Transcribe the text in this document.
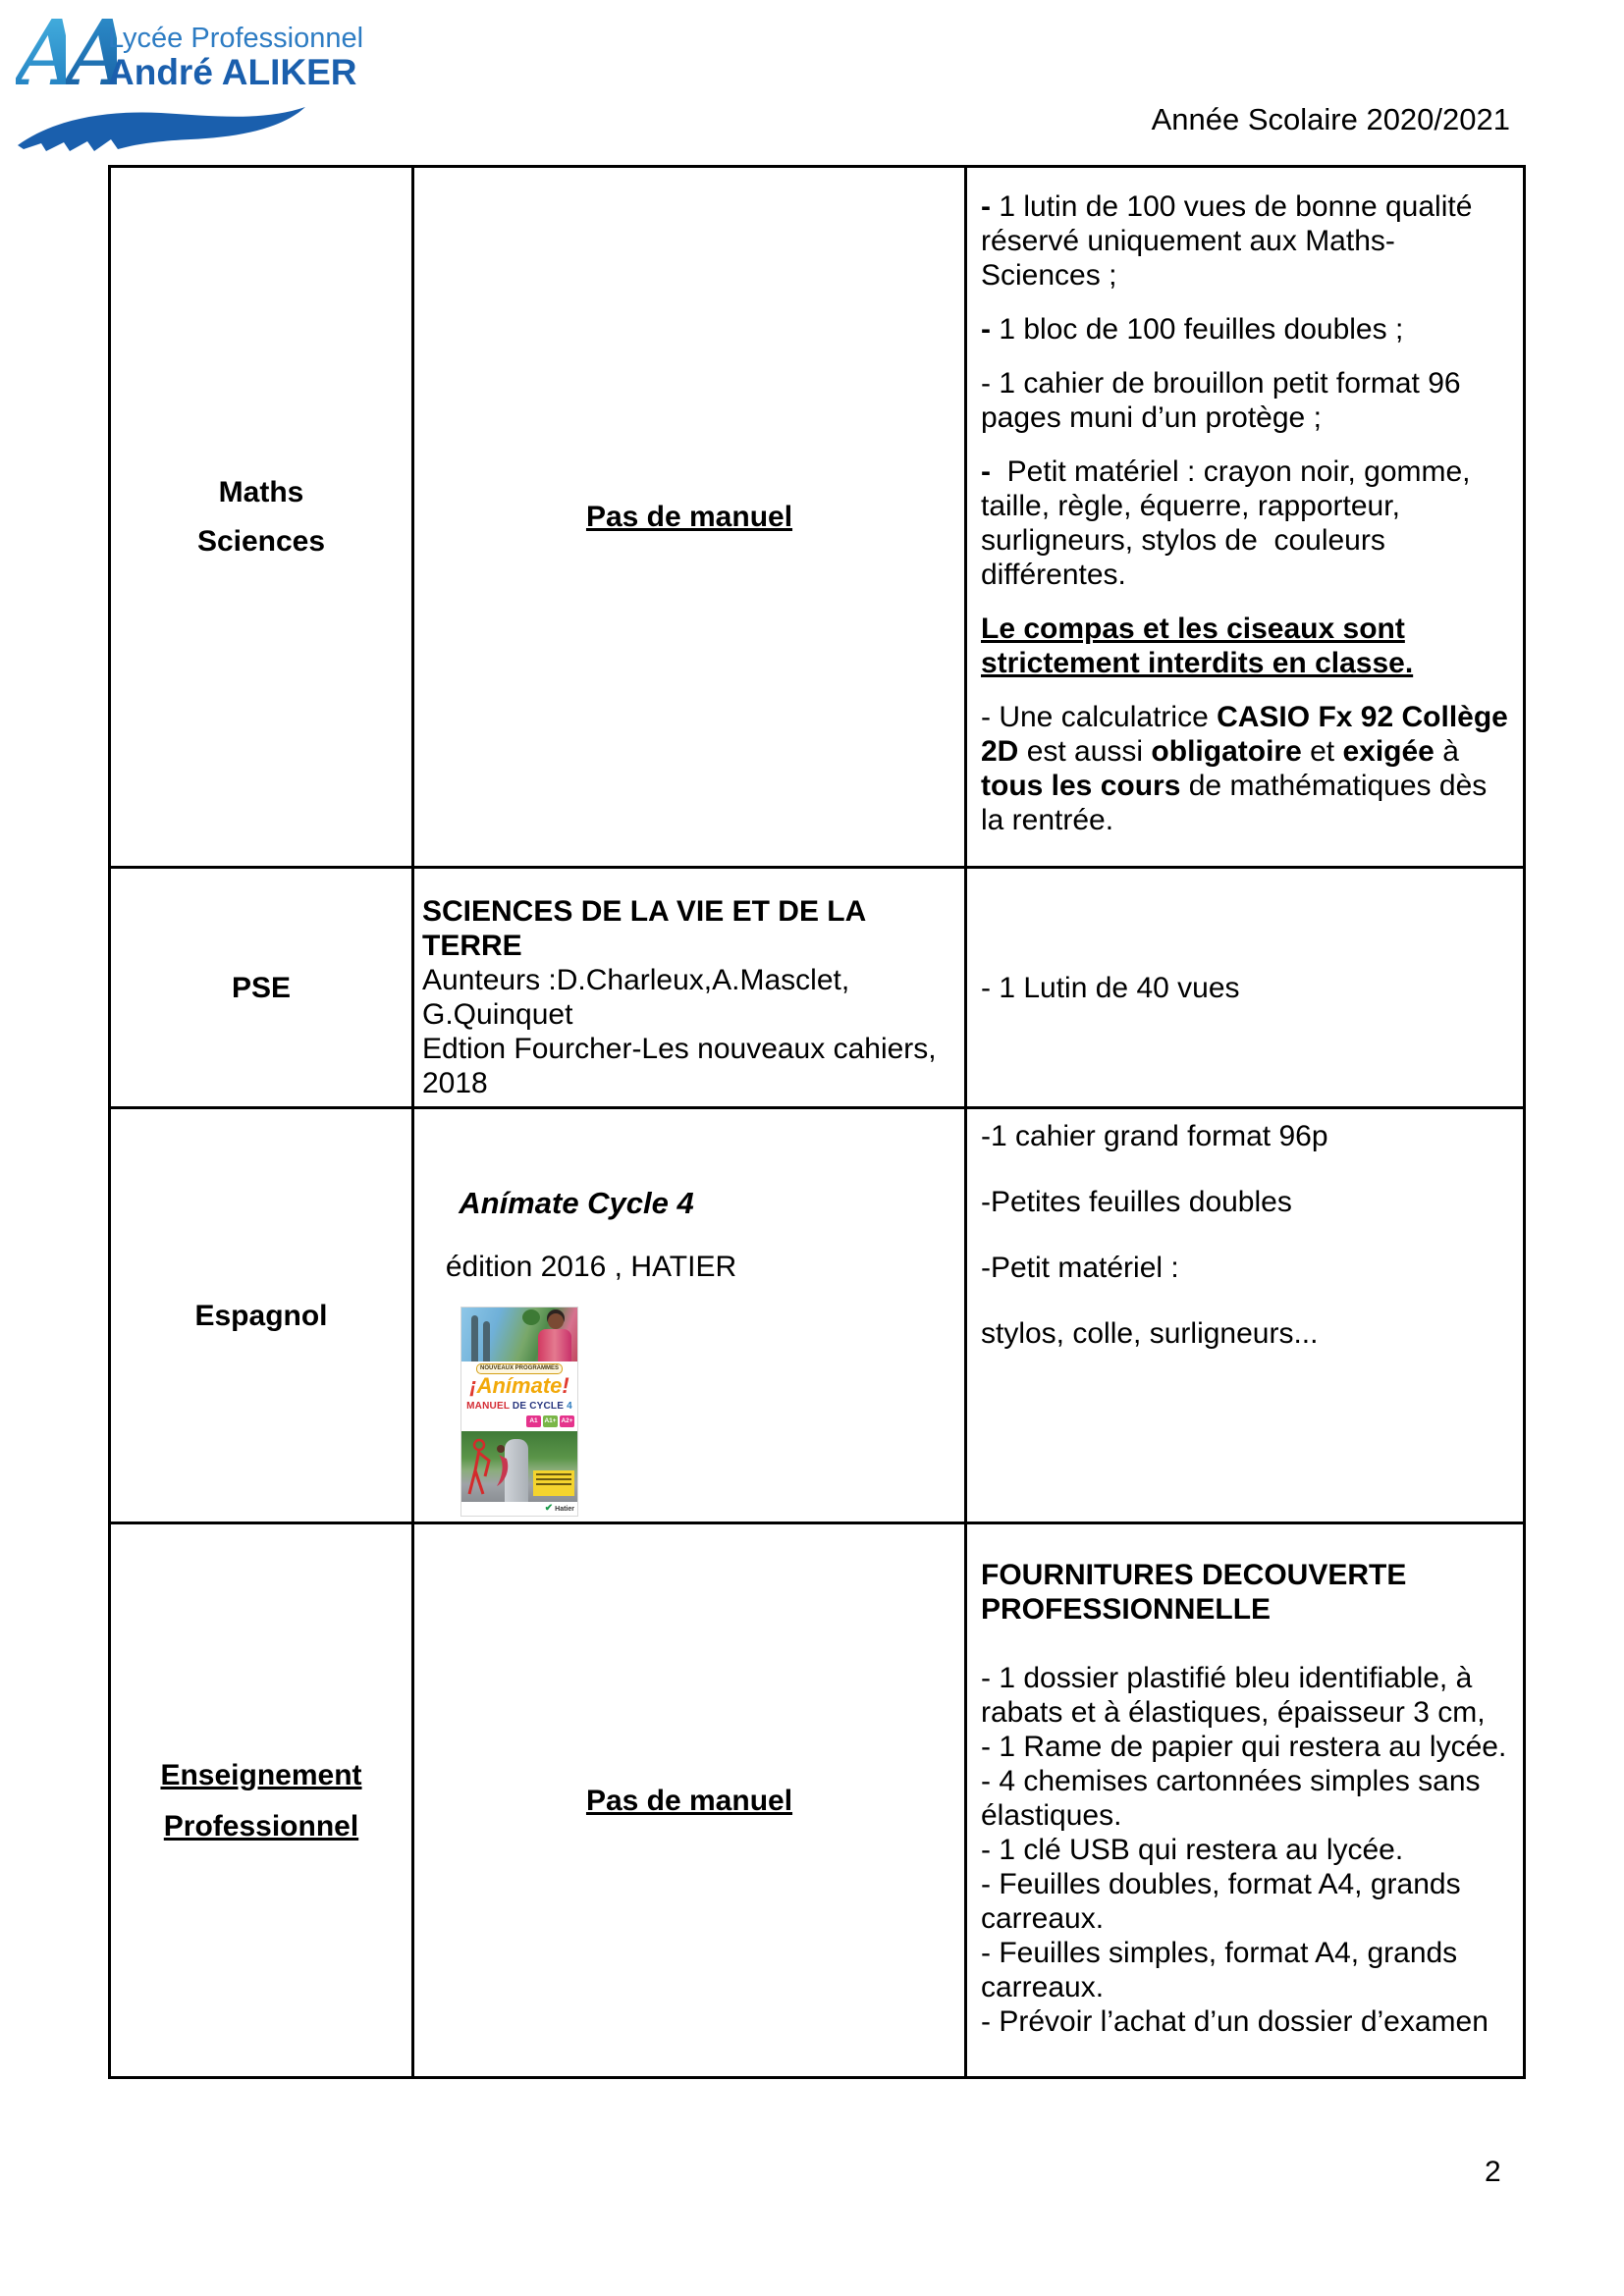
AA
Lycée Professionnel
André ALIKER
Année Scolaire 2020/2021
Maths
Sciences
Pas de manuel
- 1 lutin de 100 vues de bonne qualité réservé uniquement aux Maths-Sciences ;
- 1 bloc de 100 feuilles doubles ;
- 1 cahier de brouillon petit format 96 pages muni d’un protège ;
-  Petit matériel : crayon noir, gomme, taille, règle, équerre, rapporteur, surligneurs, stylos de  couleurs différentes.
Le compas et les ciseaux sont strictement interdits en classe.
- Une calculatrice CASIO Fx 92 Collège 2D est aussi obligatoire et exigée à tous les cours de mathématiques dès la rentrée.
PSE
SCIENCES DE LA VIE ET DE LA TERRE
Aunteurs :D.Charleux,A.Masclet, G.Quinquet
Edtion Fourcher-Les nouveaux cahiers, 2018
- 1 Lutin de 40 vues
Espagnol
Anímate Cycle 4
édition 2016 , HATIER
NOUVEAUX PROGRAMMES
¡Anímate!
MANUEL DE CYCLE 4
A1	A1+ A2+
✔ Hatier
-1 cahier grand format 96p
-Petites feuilles doubles
-Petit matériel :
stylos, colle, surligneurs...
Enseignement
Professionnel
Pas de manuel
FOURNITURES DECOUVERTE PROFESSIONNELLE

- 1 dossier plastifié bleu identifiable, à rabats et à élastiques, épaisseur 3 cm,
- 1 Rame de papier qui restera au lycée.
- 4 chemises cartonnées simples sans élastiques.
- 1 clé USB qui restera au lycée.
- Feuilles doubles, format A4, grands carreaux.
- Feuilles simples, format A4, grands carreaux.
- Prévoir l’achat d’un dossier d’examen
2
